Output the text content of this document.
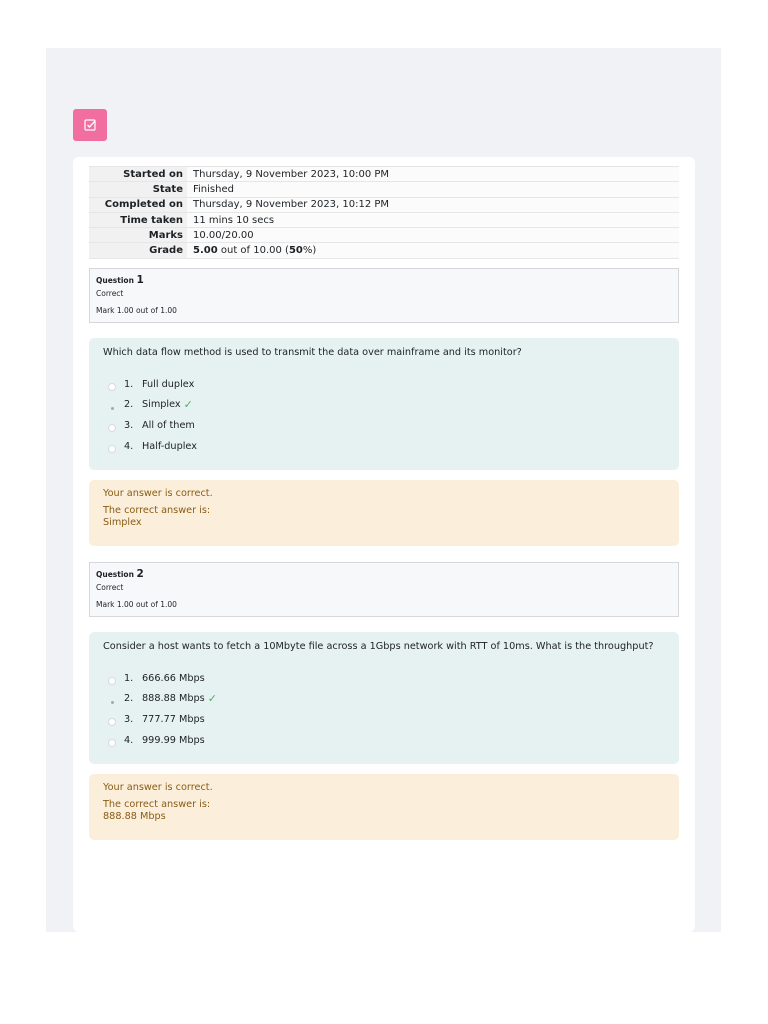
Started on	Thursday, 9 November 2023, 10:00 PM
State	Finished
Completed on	Thursday, 9 November 2023, 10:12 PM
Time taken	11 mins 10 secs
Marks	10.00/20.00
Grade	5.00 out of 10.00 (50%)
Question 1
Correct
Mark 1.00 out of 1.00
Which data flow method is used to transmit the data over mainframe and its monitor?
1. Full duplex
2. Simplex ✓
3. All of them
4. Half-duplex
Your answer is correct.
The correct answer is:
Simplex
Question 2
Correct
Mark 1.00 out of 1.00
Consider a host wants to fetch a 10Mbyte file across a 1Gbps network with RTT of 10ms. What is the throughput?
1. 666.66 Mbps
2. 888.88 Mbps ✓
3. 777.77 Mbps
4. 999.99 Mbps
Your answer is correct.
The correct answer is:
888.88 Mbps
